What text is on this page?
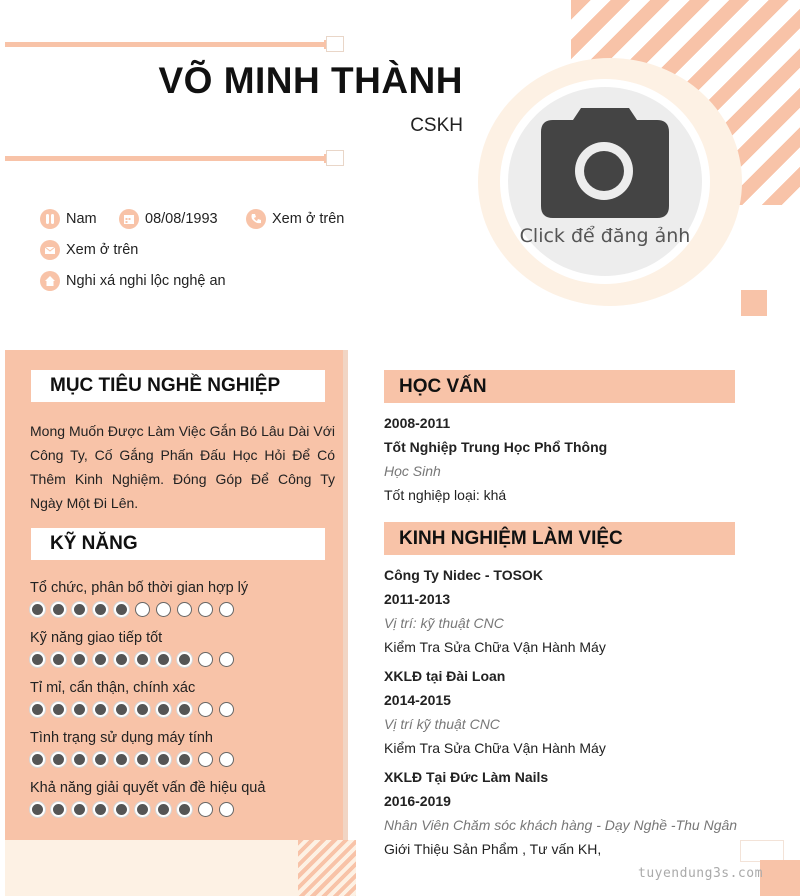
VÕ MINH THÀNH
CSKH
Click để đăng ảnh
Nam	08/08/1993	Xem ở trên
Xem ở trên
Nghi xá nghi lộc nghệ an
MỤC TIÊU NGHỀ NGHIỆP
Mong Muốn Được Làm Việc Gắn Bó Lâu Dài Với Công Ty, Cố Gắng Phấn Đấu Học Hỏi Để Có Thêm Kinh Nghiệm. Đóng Góp Để Công Ty Ngày Một Đi Lên.
KỸ NĂNG
Tổ chức, phân bố thời gian hợp lý
Kỹ năng giao tiếp tốt
Tỉ mỉ, cẩn thận, chính xác
Tình trạng sử dụng máy tính
Khả năng giải quyết vấn đề hiệu quả
HỌC VẤN
2008-2011
Tốt Nghiệp Trung Học Phổ Thông
Học Sinh
Tốt nghiệp loại: khá
KINH NGHIỆM LÀM VIỆC
Công Ty Nidec - TOSOK
2011-2013
Vị trí: kỹ thuật CNC
Kiểm Tra Sửa Chữa Vận Hành Máy
XKLĐ tại Đài Loan
2014-2015
Vị trí kỹ thuật CNC
Kiểm Tra Sửa Chữa Vận Hành Máy
XKLĐ Tại Đức Làm Nails
2016-2019
Nhân Viên Chăm sóc khách hàng - Dạy Nghề -Thu Ngân
Giới Thiệu Sản Phẩm , Tư vấn KH,
tuyendung3s.com
